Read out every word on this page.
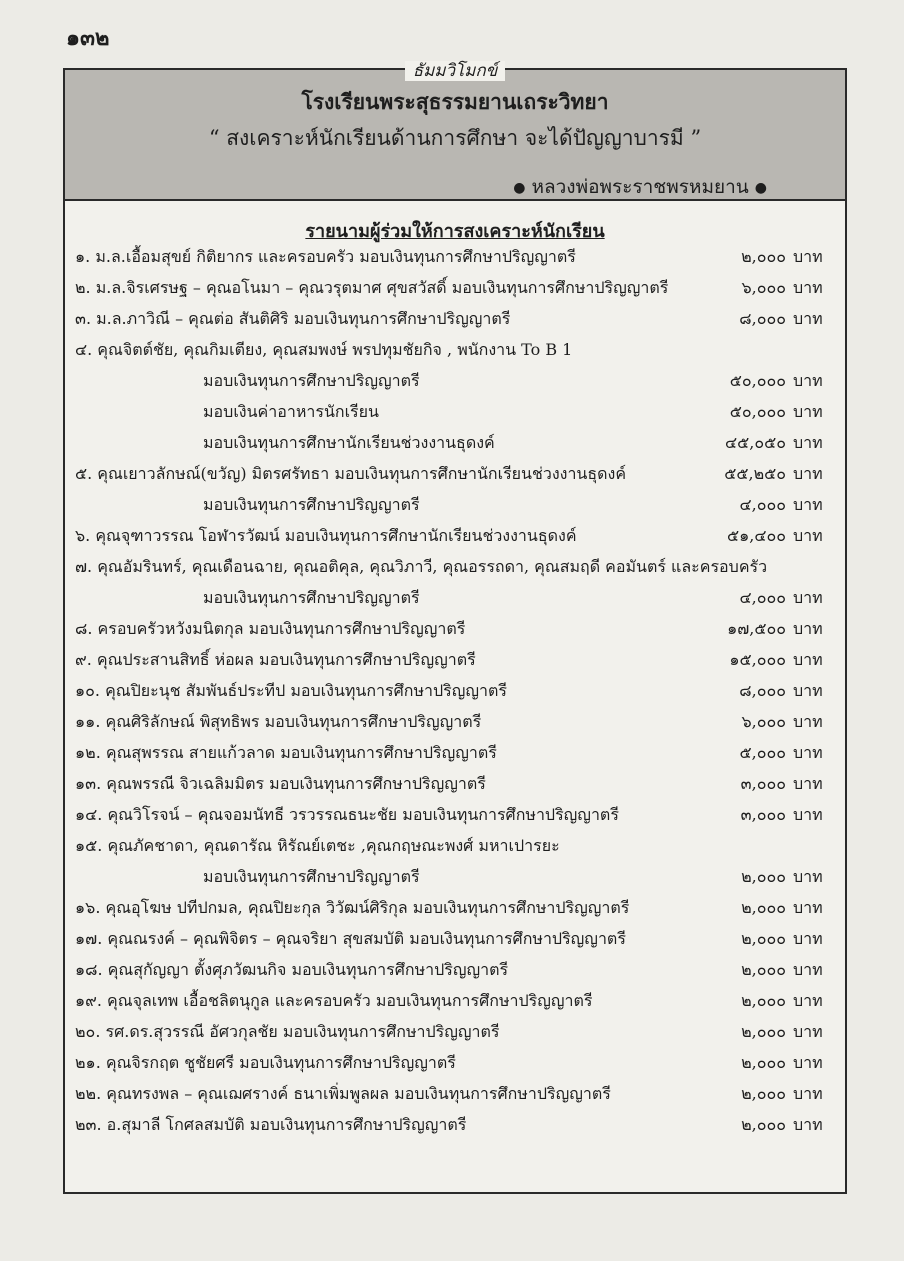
๑๓๒
ธัมมวิโมกข์
โรงเรียนพระสุธรรมยานเถระวิทยา
“ สงเคราะห์นักเรียนด้านการศึกษา จะได้ปัญญาบารมี ”
● หลวงพ่อพระราชพรหมยาน ●
รายนามผู้ร่วมให้การสงเคราะห์นักเรียน
๑. ม.ล.เอื้อมสุขย์ กิติยากร และครอบครัว มอบเงินทุนการศึกษาปริญญาตรี	๒,๐๐๐ บาท
๒. ม.ล.จิรเศรษฐ – คุณอโนมา – คุณวรุตมาศ ศุขสวัสดิ์ มอบเงินทุนการศึกษาปริญญาตรี	๖,๐๐๐ บาท
๓. ม.ล.ภาวิณี – คุณต่อ สันติศิริ มอบเงินทุนการศึกษาปริญญาตรี	๘,๐๐๐ บาท
๔. คุณจิตต์ชัย, คุณกิมเตียง, คุณสมพงษ์ พรปทุมชัยกิจ , พนักงาน To B 1
มอบเงินทุนการศึกษาปริญญาตรี	๕๐,๐๐๐ บาท
มอบเงินค่าอาหารนักเรียน	๕๐,๐๐๐ บาท
มอบเงินทุนการศึกษานักเรียนช่วงงานธุดงค์	๔๕,๐๕๐ บาท
๕. คุณเยาวลักษณ์(ขวัญ) มิตรศรัทธา มอบเงินทุนการศึกษานักเรียนช่วงงานธุดงค์	๕๕,๒๕๐ บาท
มอบเงินทุนการศึกษาปริญญาตรี	๔,๐๐๐ บาท
๖. คุณจุฑาวรรณ โอฬารวัฒน์ มอบเงินทุนการศึกษานักเรียนช่วงงานธุดงค์	๕๑,๔๐๐ บาท
๗. คุณอัมรินทร์, คุณเดือนฉาย, คุณอติคุล, คุณวิภาวี, คุณอรรถดา, คุณสมฤดี คอมันตร์ และครอบครัว
มอบเงินทุนการศึกษาปริญญาตรี	๔,๐๐๐ บาท
๘. ครอบครัวหวังมนิตกุล มอบเงินทุนการศึกษาปริญญาตรี	๑๗,๕๐๐ บาท
๙. คุณประสานสิทธิ์ ห่อผล มอบเงินทุนการศึกษาปริญญาตรี	๑๕,๐๐๐ บาท
๑๐. คุณปิยะนุช สัมพันธ์ประทีป มอบเงินทุนการศึกษาปริญญาตรี	๘,๐๐๐ บาท
๑๑. คุณศิริลักษณ์ พิสุทธิพร มอบเงินทุนการศึกษาปริญญาตรี	๖,๐๐๐ บาท
๑๒. คุณสุพรรณ สายแก้วลาด มอบเงินทุนการศึกษาปริญญาตรี	๕,๐๐๐ บาท
๑๓. คุณพรรณี จิวเฉลิมมิตร มอบเงินทุนการศึกษาปริญญาตรี	๓,๐๐๐ บาท
๑๔. คุณวิโรจน์ – คุณจอมนัทธี วรวรรณธนะชัย มอบเงินทุนการศึกษาปริญญาตรี	๓,๐๐๐ บาท
๑๕. คุณภัคชาดา, คุณดารัณ หิรัณย์เตชะ ,คุณกฤษณะพงศ์ มหาเปารยะ
มอบเงินทุนการศึกษาปริญญาตรี	๒,๐๐๐ บาท
๑๖. คุณอุโฆษ ปทีปกมล, คุณปิยะกุล วิวัฒน์ศิริกุล มอบเงินทุนการศึกษาปริญญาตรี	๒,๐๐๐ บาท
๑๗. คุณณรงค์ – คุณพิจิตร – คุณจริยา สุขสมบัติ มอบเงินทุนการศึกษาปริญญาตรี	๒,๐๐๐ บาท
๑๘. คุณสุกัญญา ตั้งศุภวัฒนกิจ มอบเงินทุนการศึกษาปริญญาตรี	๒,๐๐๐ บาท
๑๙. คุณจุลเทพ เอื้อชลิตนุกูล และครอบครัว มอบเงินทุนการศึกษาปริญญาตรี	๒,๐๐๐ บาท
๒๐. รศ.ดร.สุวรรณี อัศวกุลชัย มอบเงินทุนการศึกษาปริญญาตรี	๒,๐๐๐ บาท
๒๑. คุณจิรกฤต ชูชัยศรี มอบเงินทุนการศึกษาปริญญาตรี	๒,๐๐๐ บาท
๒๒. คุณทรงพล – คุณเฌศรางค์ ธนาเพิ่มพูลผล มอบเงินทุนการศึกษาปริญญาตรี	๒,๐๐๐ บาท
๒๓. อ.สุมาลี โกศลสมบัติ มอบเงินทุนการศึกษาปริญญาตรี	๒,๐๐๐ บาท
